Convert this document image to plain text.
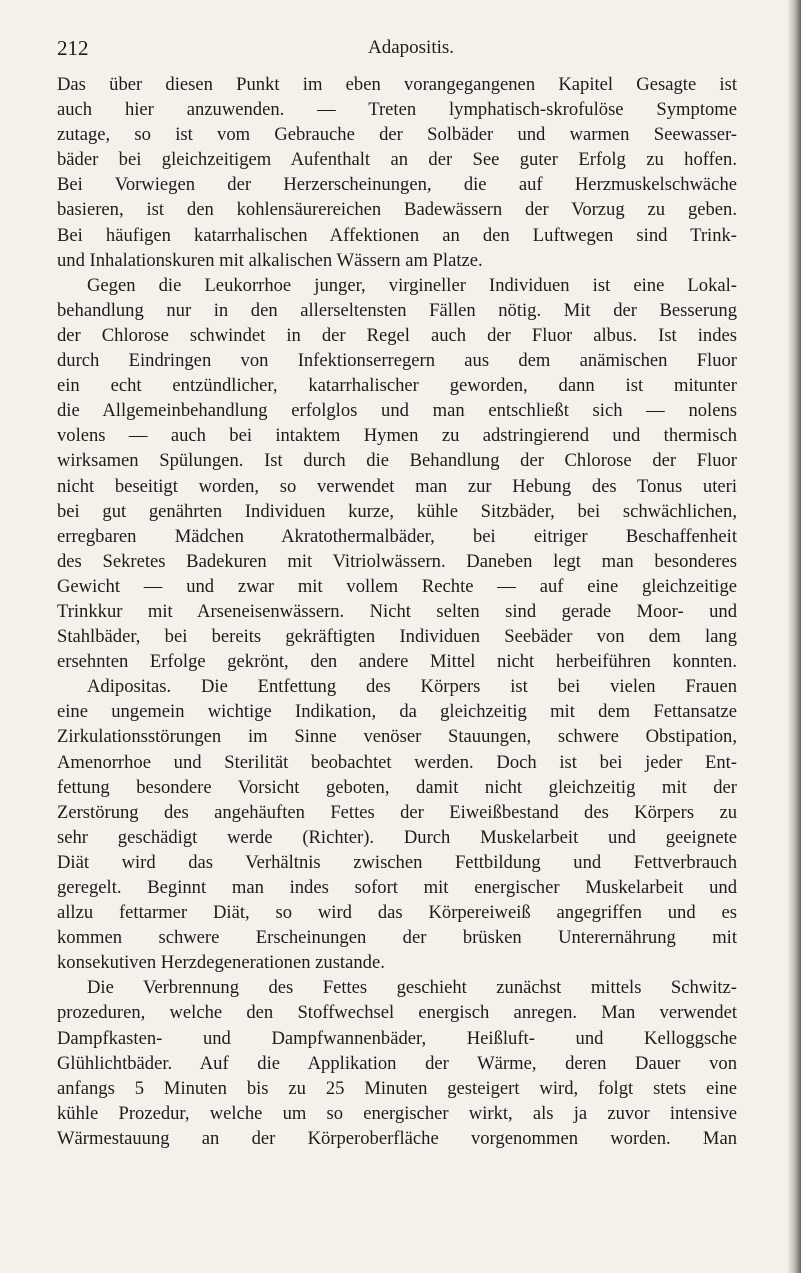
212	Adapositis.
Das über diesen Punkt im eben vorangegangenen Kapitel Gesagte ist
auch hier anzuwenden. — Treten lymphatisch-skrofulöse Symptome
zutage, so ist vom Gebrauche der Solbäder und warmen Seewasser-
bäder bei gleichzeitigem Aufenthalt an der See guter Erfolg zu hoffen.
Bei Vorwiegen der Herzerscheinungen, die auf Herzmuskelschwäche
basieren, ist den kohlensäurereichen Badewässern der Vorzug zu geben.
Bei häufigen katarrhalischen Affektionen an den Luftwegen sind Trink-
und Inhalationskuren mit alkalischen Wässern am Platze.
Gegen die Leukorrhoe junger, virgineller Individuen ist eine Lokal-
behandlung nur in den allerseltensten Fällen nötig. Mit der Besserung
der Chlorose schwindet in der Regel auch der Fluor albus. Ist indes
durch Eindringen von Infektionserregern aus dem anämischen Fluor
ein echt entzündlicher, katarrhalischer geworden, dann ist mitunter
die Allgemeinbehandlung erfolglos und man entschließt sich — nolens
volens — auch bei intaktem Hymen zu adstringierend und thermisch
wirksamen Spülungen. Ist durch die Behandlung der Chlorose der Fluor
nicht beseitigt worden, so verwendet man zur Hebung des Tonus uteri
bei gut genährten Individuen kurze, kühle Sitzbäder, bei schwächlichen,
erregbaren Mädchen Akratothermalbäder, bei eitriger Beschaffenheit
des Sekretes Badekuren mit Vitriolwässern. Daneben legt man besonderes
Gewicht — und zwar mit vollem Rechte — auf eine gleichzeitige
Trinkkur mit Arseneisenwässern. Nicht selten sind gerade Moor- und
Stahlbäder, bei bereits gekräftigten Individuen Seebäder von dem lang
ersehnten Erfolge gekrönt, den andere Mittel nicht herbeiführen konnten.
Adipositas. Die Entfettung des Körpers ist bei vielen Frauen
eine ungemein wichtige Indikation, da gleichzeitig mit dem Fettansatze
Zirkulationsstörungen im Sinne venöser Stauungen, schwere Obstipation,
Amenorrhoe und Sterilität beobachtet werden. Doch ist bei jeder Ent-
fettung besondere Vorsicht geboten, damit nicht gleichzeitig mit der
Zerstörung des angehäuften Fettes der Eiweißbestand des Körpers zu
sehr geschädigt werde (Richter). Durch Muskelarbeit und geeignete
Diät wird das Verhältnis zwischen Fettbildung und Fettverbrauch
geregelt. Beginnt man indes sofort mit energischer Muskelarbeit und
allzu fettarmer Diät, so wird das Körpereiweiß angegriffen und es
kommen schwere Erscheinungen der brüsken Unterernährung mit
konsekutiven Herzdegenerationen zustande.
Die Verbrennung des Fettes geschieht zunächst mittels Schwitz-
prozeduren, welche den Stoffwechsel energisch anregen. Man verwendet
Dampfkasten- und Dampfwannenbäder, Heißluft- und Kelloggsche
Glühlichtbäder. Auf die Applikation der Wärme, deren Dauer von
anfangs 5 Minuten bis zu 25 Minuten gesteigert wird, folgt stets eine
kühle Prozedur, welche um so energischer wirkt, als ja zuvor intensive
Wärmestauung an der Körperoberfläche vorgenommen worden. Man
